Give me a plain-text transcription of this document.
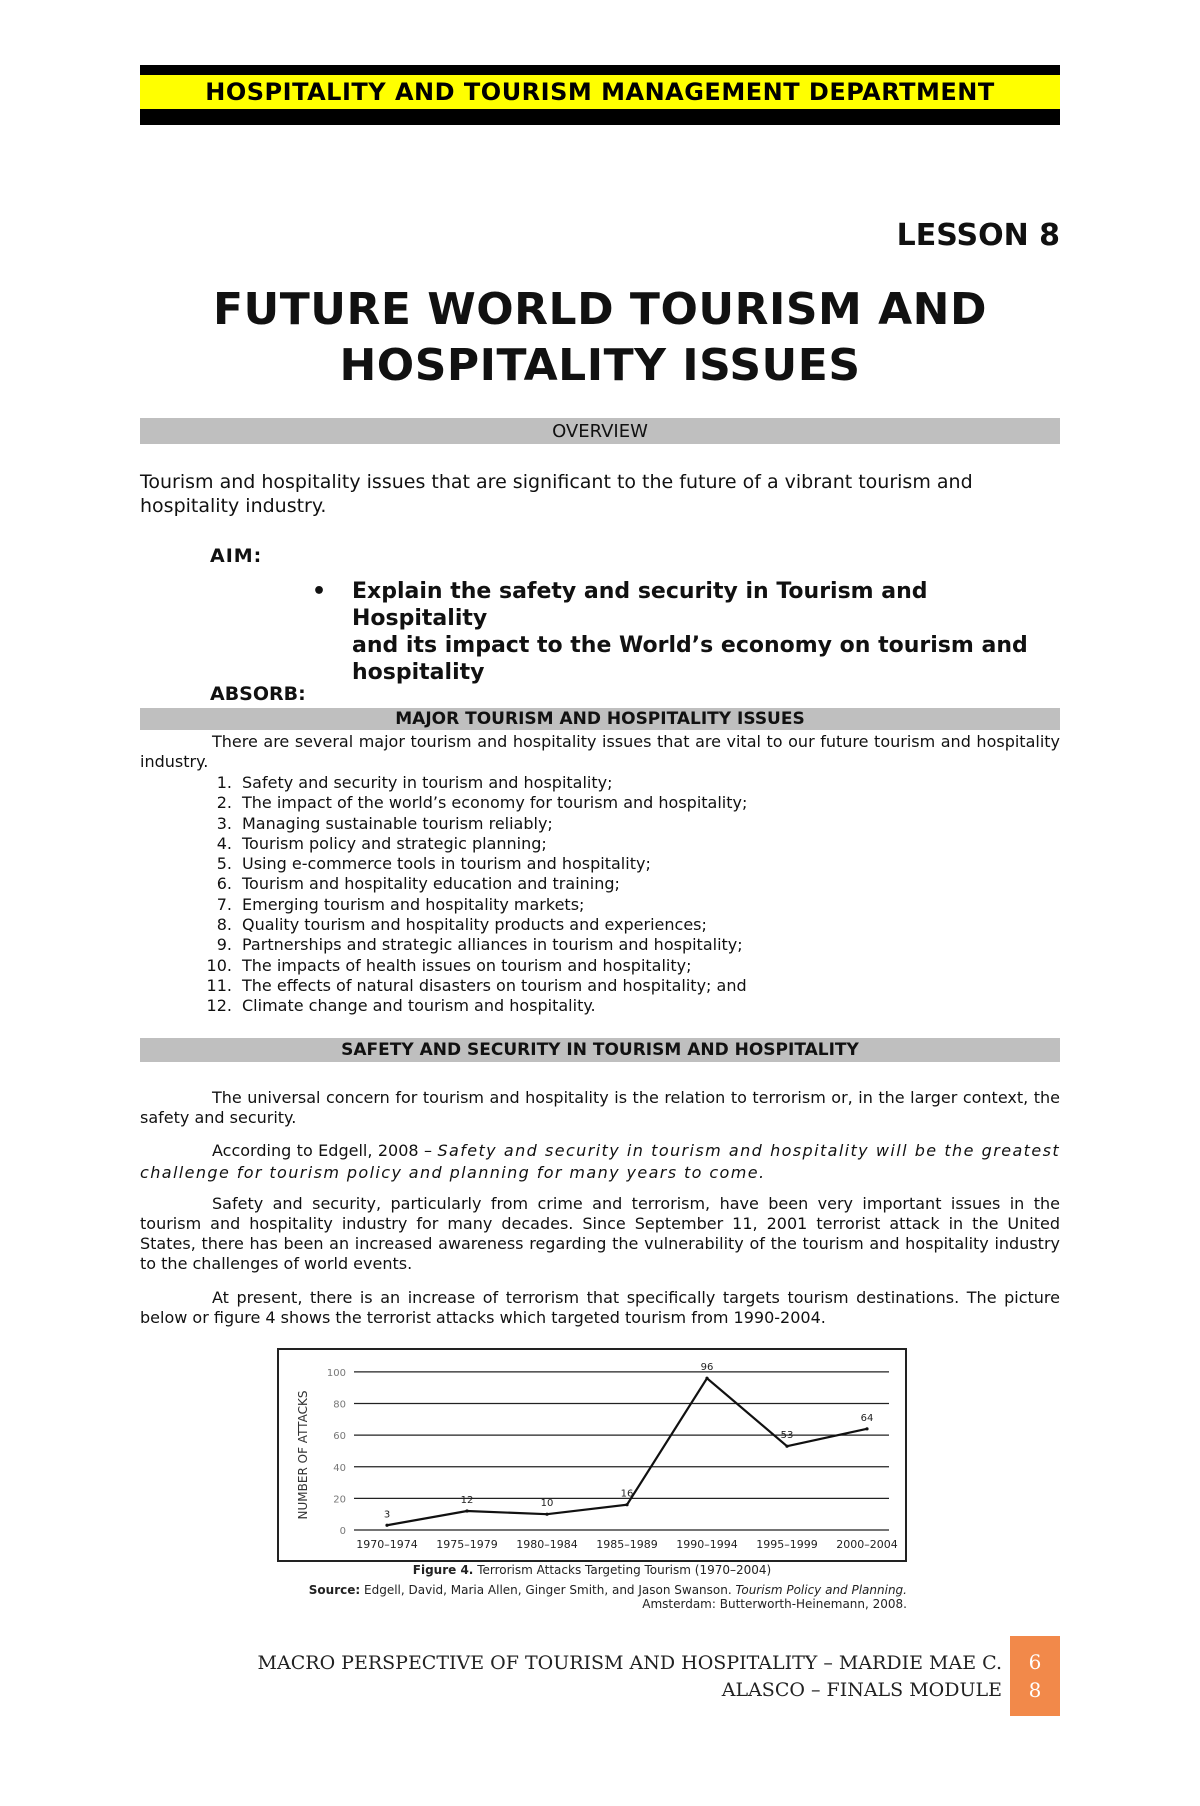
HOSPITALITY AND TOURISM MANAGEMENT DEPARTMENT
LESSON 8
FUTURE WORLD TOURISM AND
HOSPITALITY ISSUES
OVERVIEW
Tourism and hospitality issues that are significant to the future of a vibrant tourism and hospitality industry.
AIM:
• Explain the safety and security in Tourism and Hospitality
and its impact to the World’s economy on tourism and
hospitality
ABSORB:
MAJOR TOURISM AND HOSPITALITY ISSUES
There are several major tourism and hospitality issues that are vital to our future tourism and hospitality industry.
1. Safety and security in tourism and hospitality;
2. The impact of the world’s economy for tourism and hospitality;
3. Managing sustainable tourism reliably;
4. Tourism policy and strategic planning;
5. Using e-commerce tools in tourism and hospitality;
6. Tourism and hospitality education and training;
7. Emerging tourism and hospitality markets;
8. Quality tourism and hospitality products and experiences;
9. Partnerships and strategic alliances in tourism and hospitality;
10. The impacts of health issues on tourism and hospitality;
11. The effects of natural disasters on tourism and hospitality; and
12. Climate change and tourism and hospitality.
SAFETY AND SECURITY IN TOURISM AND HOSPITALITY
The universal concern for tourism and hospitality is the relation to terrorism or, in the larger context, the safety and security.
According to Edgell, 2008 – Safety and security in tourism and hospitality will be the greatest challenge for tourism policy and planning for many years to come.
Safety and security, particularly from crime and terrorism, have been very important issues in the tourism and hospitality industry for many decades. Since September 11, 2001 terrorist attack in the United States, there has been an increased awareness regarding the vulnerability of the tourism and hospitality industry to the challenges of world events.
At present, there is an increase of terrorism that specifically targets tourism destinations. The picture below or figure 4 shows the terrorist attacks which targeted tourism from 1990-2004.
0
20
40
60
80
100
1970–1974 1975–1979 1980–1984 1985–1989 1990–1994 1995–1999 2000–2004
3
12	10
16
96
53
64
NUMBER OF ATTACKS
Figure 4. Terrorism Attacks Targeting Tourism (1970–2004)
Source: Edgell, David, Maria Allen, Ginger Smith, and Jason Swanson. Tourism Policy and Planning.
Amsterdam: Butterworth-Heinemann, 2008.
MACRO PERSPECTIVE OF TOURISM AND HOSPITALITY – MARDIE MAE C.
ALASCO – FINALS MODULE
6
8
